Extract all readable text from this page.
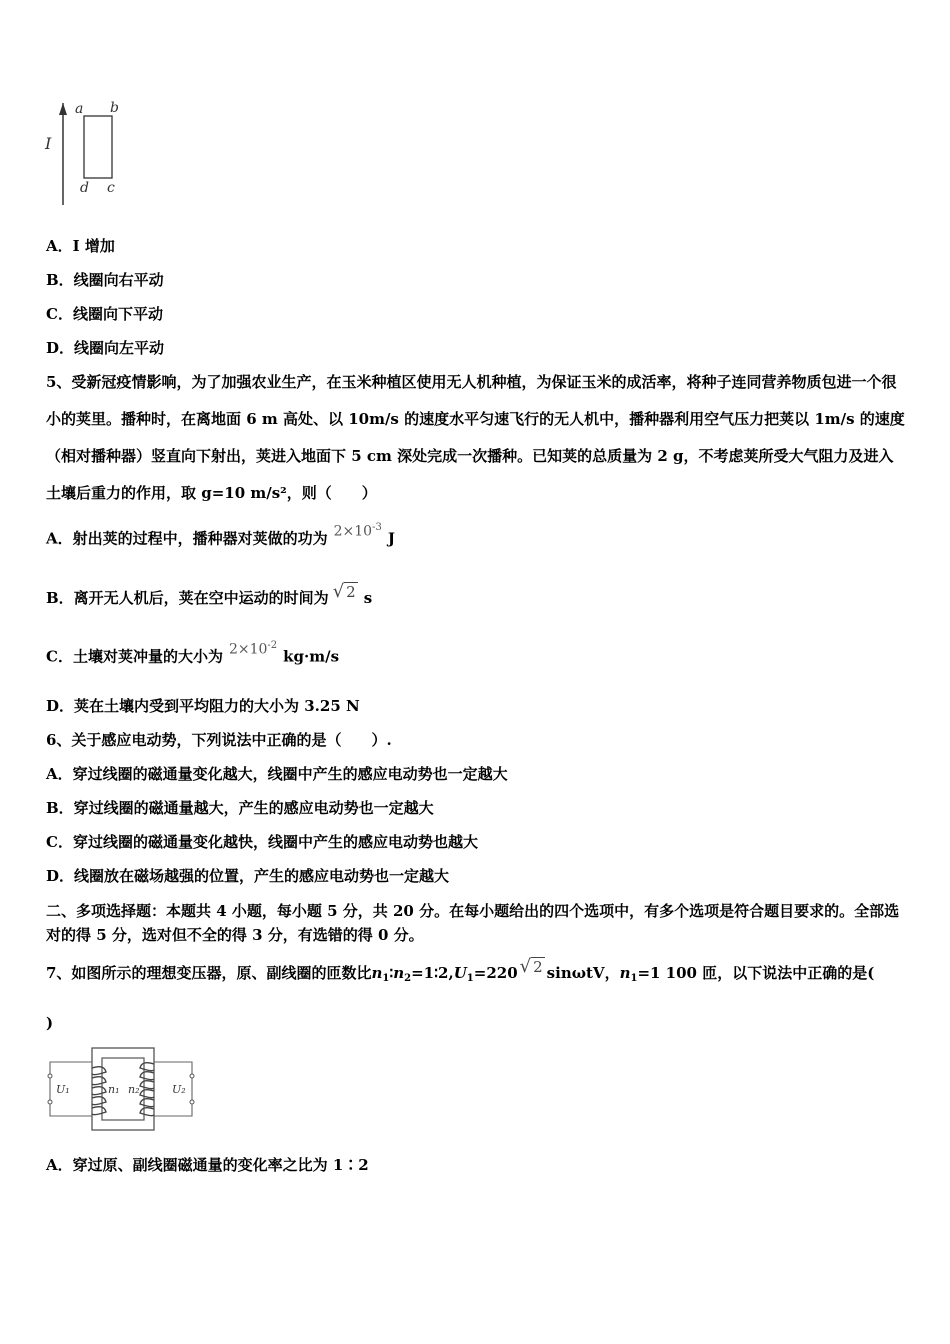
I
a b
d c
A．I 增加
B．线圈向右平动
C．线圈向下平动
D．线圈向左平动
5、受新冠疫情影响，为了加强农业生产，在玉米种植区使用无人机种植，为保证玉米的成活率，将种子连同营养物质包进一个很小的荚里。播种时，在离地面 6 m 高处、以 10m/s 的速度水平匀速飞行的无人机中，播种器利用空气压力把荚以 1m/s 的速度（相对播种器）竖直向下射出，荚进入地面下 5 cm 深处完成一次播种。已知荚的总质量为 2 g，不考虑荚所受大气阻力及进入土壤后重力的作用，取 g=10 m/s²，则（　　）
A．射出荚的过程中，播种器对荚做的功为 $2\times 10^{-3}J$
B．离开无人机后，荚在空中运动的时间为 √ 2 s
C．土壤对荚冲量的大小为 $2\times 10^{-2}kg\cdot m/s$
D．荚在土壤内受到平均阻力的大小为 3.25 N
6、关于感应电动势，下列说法中正确的是（　　）.
A．穿过线圈的磁通量变化越大，线圈中产生的感应电动势也一定越大
B．穿过线圈的磁通量越大，产生的感应电动势也一定越大
C．穿过线圈的磁通量变化越快，线圈中产生的感应电动势也越大
D．线圈放在磁场越强的位置，产生的感应电动势也一定越大
二、多项选择题：本题共 4 小题，每小题 5 分，共 20 分。在每小题给出的四个选项中，有多个选项是符合题目要求的。全部选对的得 5 分，选对但不全的得 3 分，有选错的得 0 分。
7、如图所示的理想变压器，原、副线圈的匝数比$n_1∶n_2=1∶2,U_1=220$ √ 2 sinωtV，$n_1=1$ 100 匝，以下说法中正确的是(
)
U₁	n₁ n₂	U₂
A．穿过原、副线圈磁通量的变化率之比为 1∶2
